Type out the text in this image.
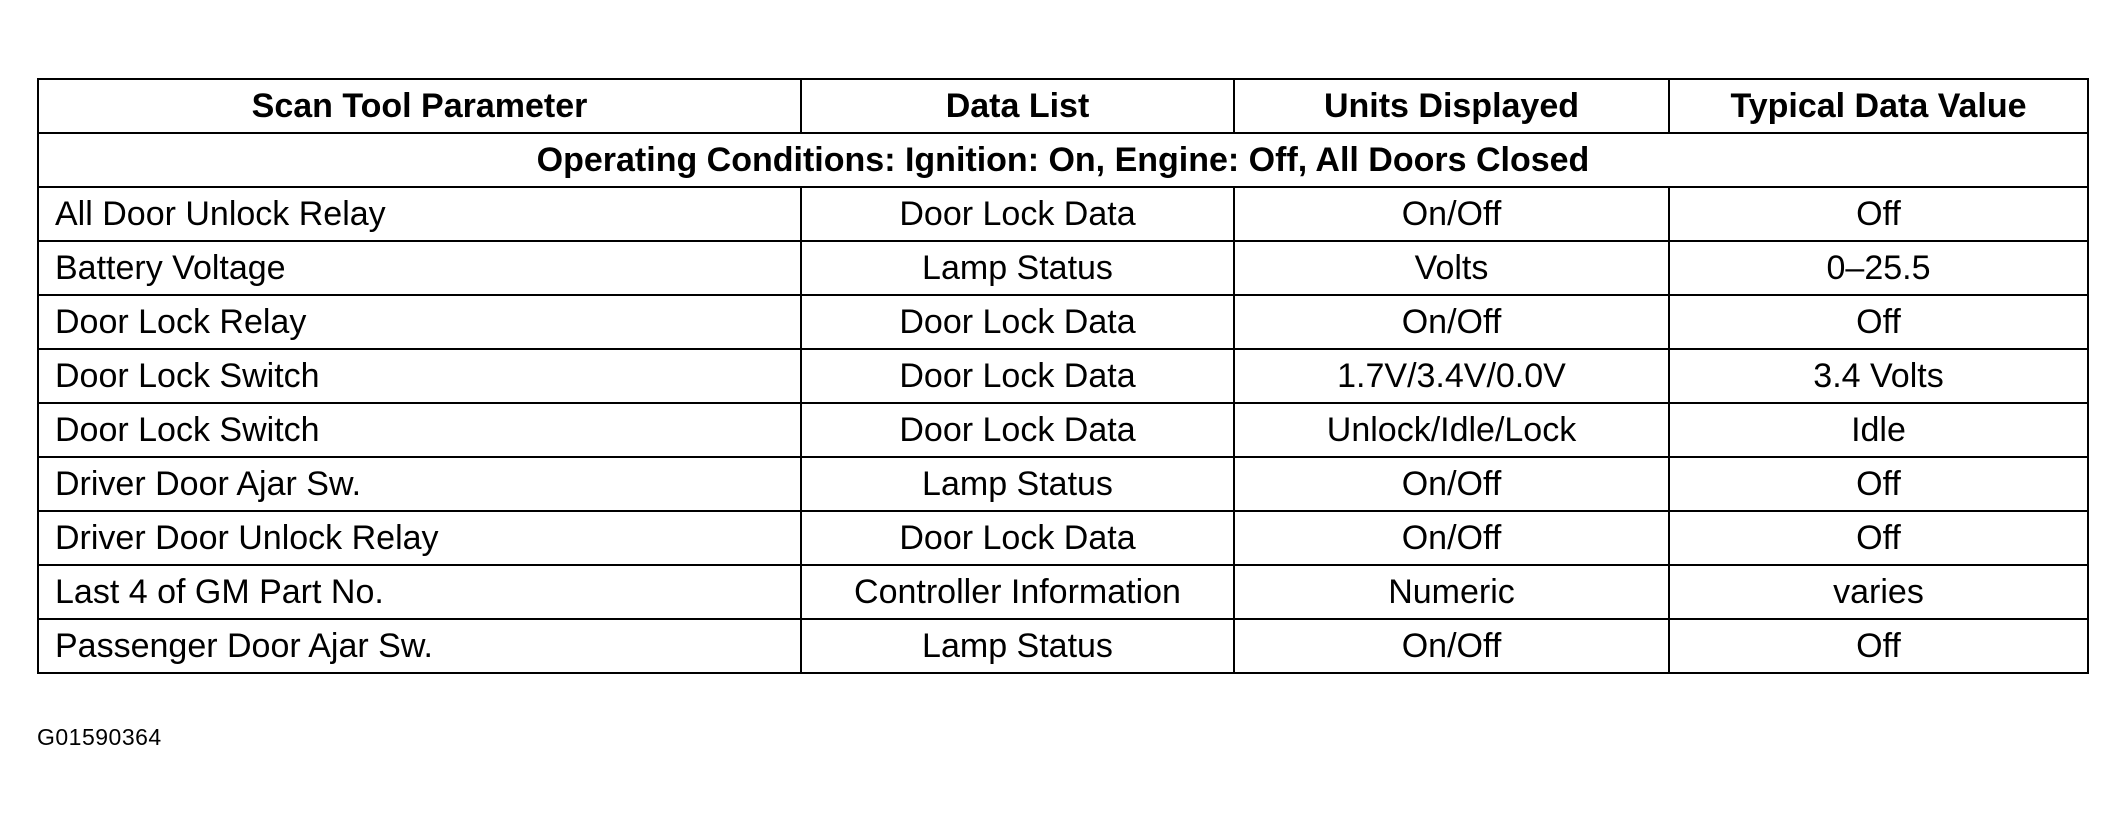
Scan Tool Parameter	Data List	Units Displayed	Typical Data Value
Operating Conditions: Ignition: On, Engine: Off, All Doors Closed			
All Door Unlock Relay	Door Lock Data	On/Off	Off
Battery Voltage	Lamp Status	Volts	0–25.5
Door Lock Relay	Door Lock Data	On/Off	Off
Door Lock Switch	Door Lock Data	1.7V/3.4V/0.0V	3.4 Volts
Door Lock Switch	Door Lock Data	Unlock/Idle/Lock	Idle
Driver Door Ajar Sw.	Lamp Status	On/Off	Off
Driver Door Unlock Relay	Door Lock Data	On/Off	Off
Last 4 of GM Part No.	Controller Information	Numeric	varies
Passenger Door Ajar Sw.	Lamp Status	On/Off	Off
G01590364
